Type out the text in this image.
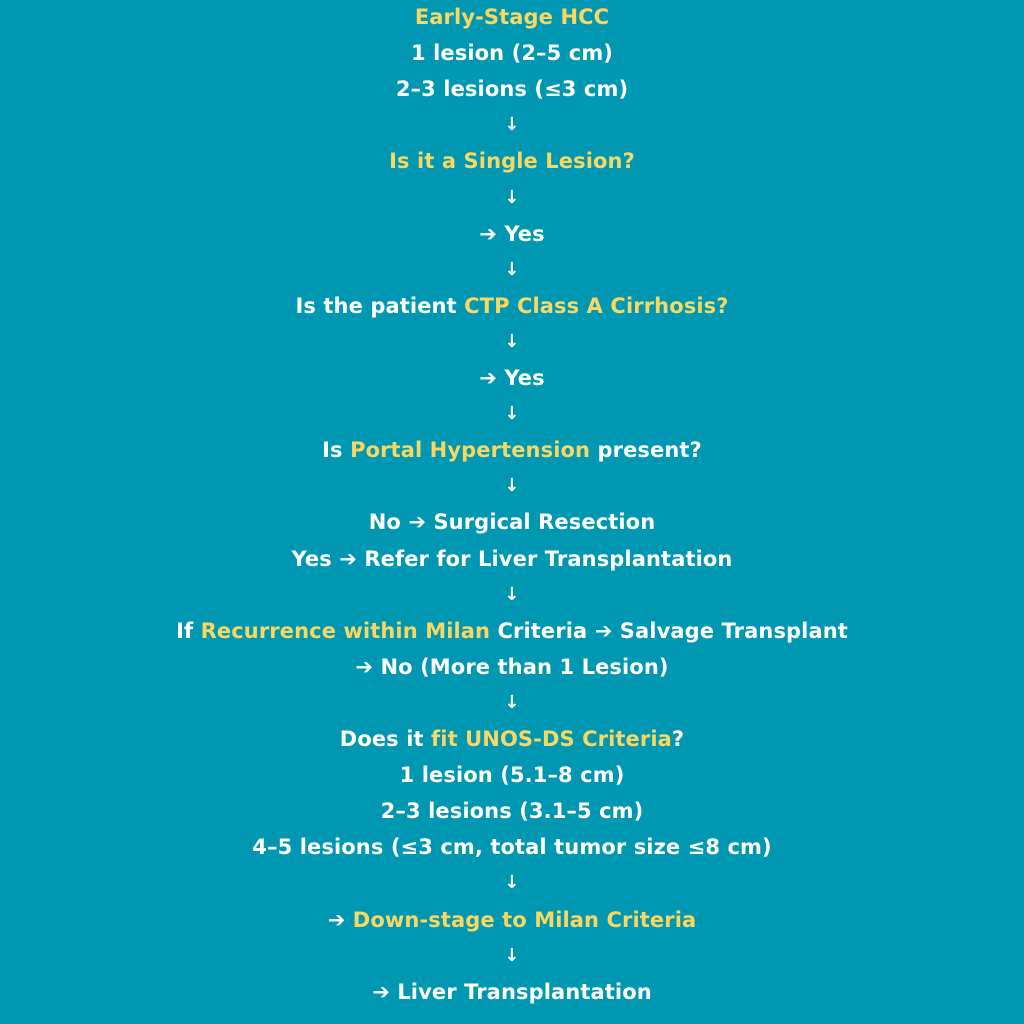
Early-Stage HCC
1 lesion (2–5 cm)
2–3 lesions (≤3 cm)
↓
Is it a Single Lesion?
↓
➔ Yes
↓
Is the patient CTP Class A Cirrhosis?
↓
➔ Yes
↓
Is Portal Hypertension present?
↓
No ➔ Surgical Resection
Yes ➔ Refer for Liver Transplantation
↓
If Recurrence within Milan Criteria ➔ Salvage Transplant
➔ No (More than 1 Lesion)
↓
Does it fit UNOS-DS Criteria?
1 lesion (5.1–8 cm)
2–3 lesions (3.1–5 cm)
4–5 lesions (≤3 cm, total tumor size ≤8 cm)
↓
➔ Down-stage to Milan Criteria
↓
➔ Liver Transplantation
